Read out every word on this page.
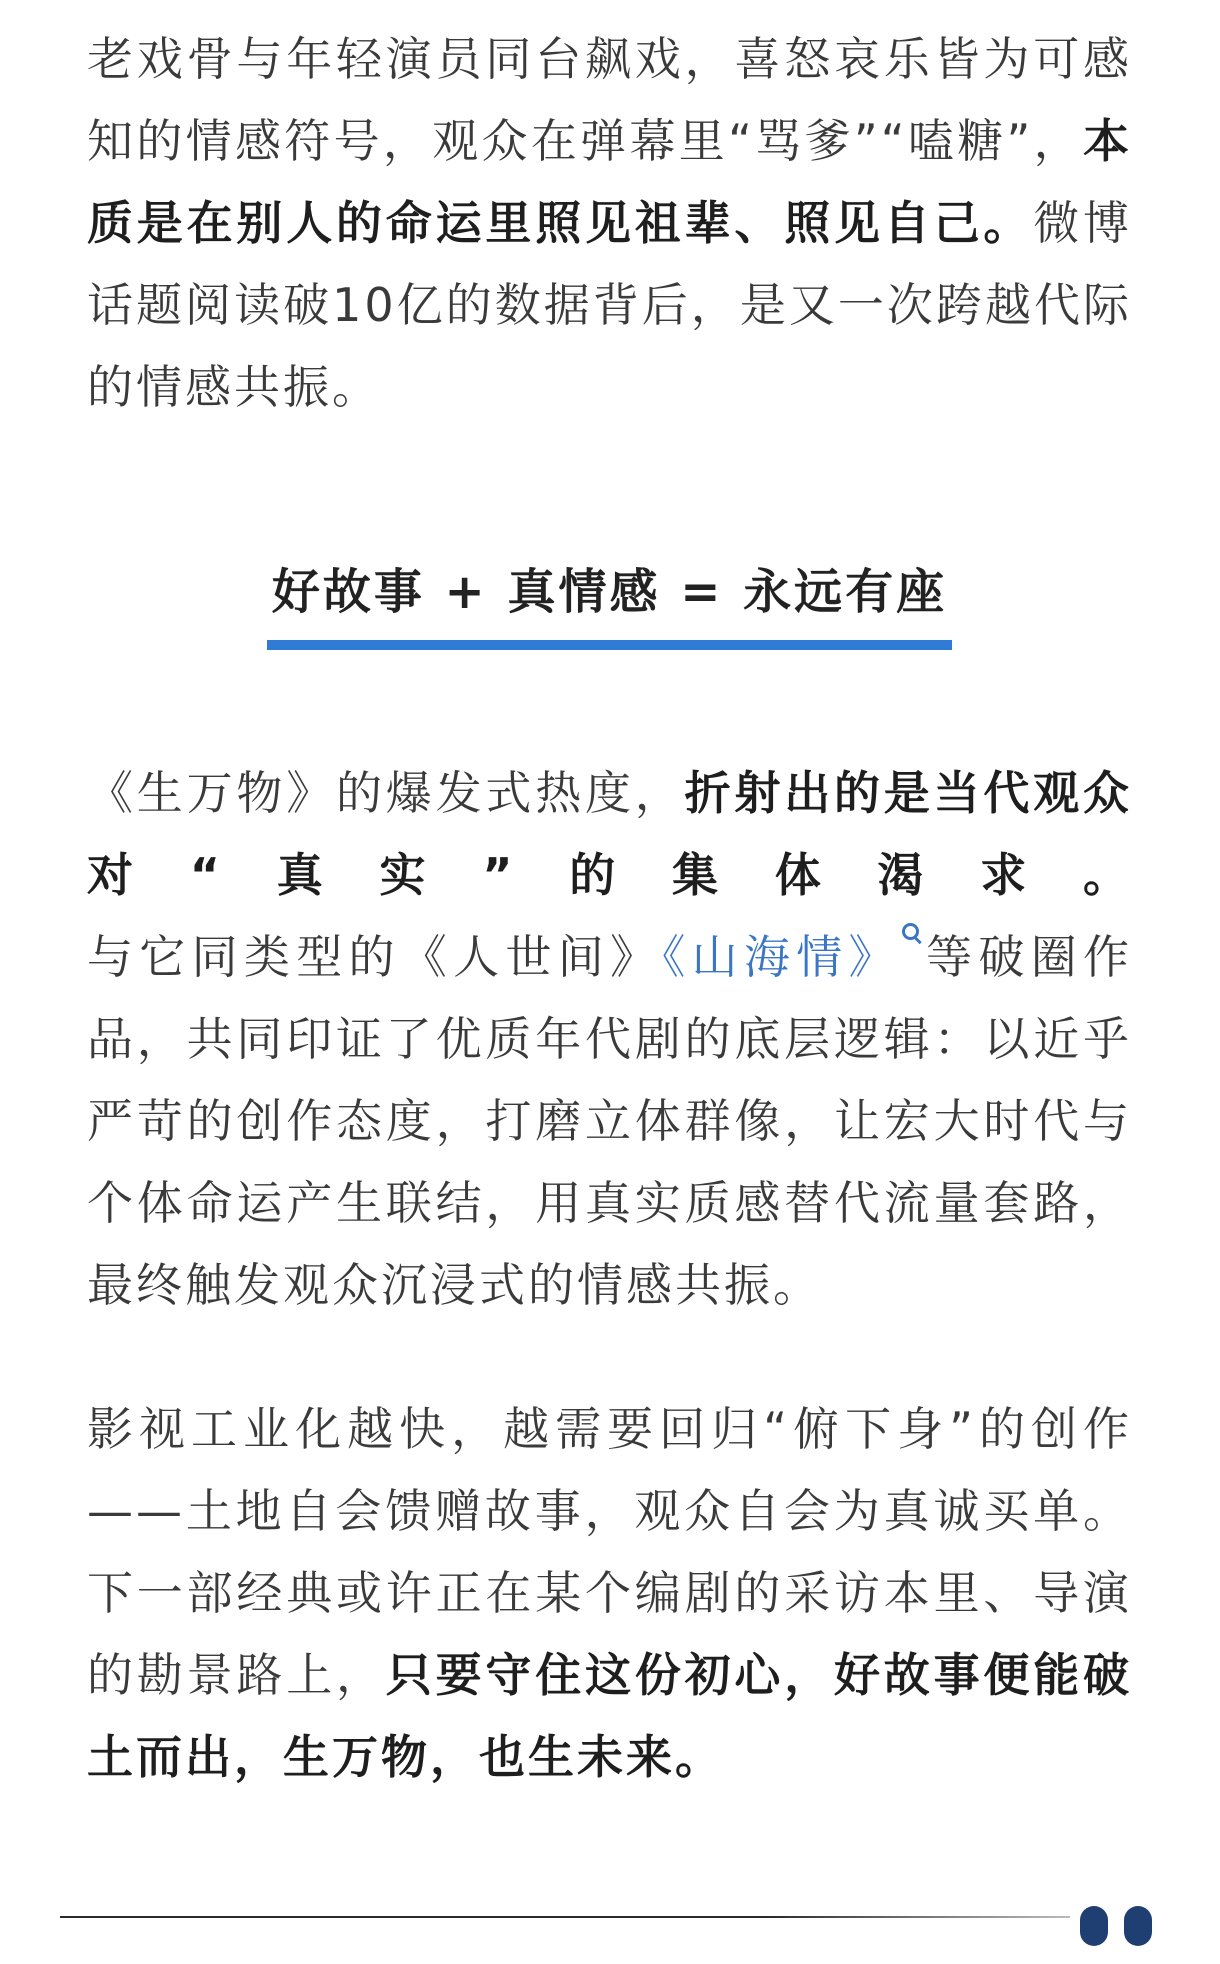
老戏骨与年轻演员同台飙戏，喜怒哀乐皆为可感知的情感符号，观众在弹幕里“骂爹”“嗑糖”，本质是在别人的命运里照见祖辈、照见自己。微博话题阅读破10亿的数据背后，是又一次跨越代际的情感共振。

好故事 + 真情感 = 永远有座

《生万物》的爆发式热度，折射出的是当代观众对“真实”的集体渴求。与它同类型的《人世间》《山海情》 等破圈作品，共同印证了优质年代剧的底层逻辑：以近乎严苛的创作态度，打磨立体群像，让宏大时代与个体命运产生联结，用真实质感替代流量套路，最终触发观众沉浸式的情感共振。

影视工业化越快，越需要回归“俯下身”的创作——土地自会馈赠故事，观众自会为真诚买单。下一部经典或许正在某个编剧的采访本里、导演的勘景路上，只要守住这份初心，好故事便能破土而出，生万物，也生未来。
